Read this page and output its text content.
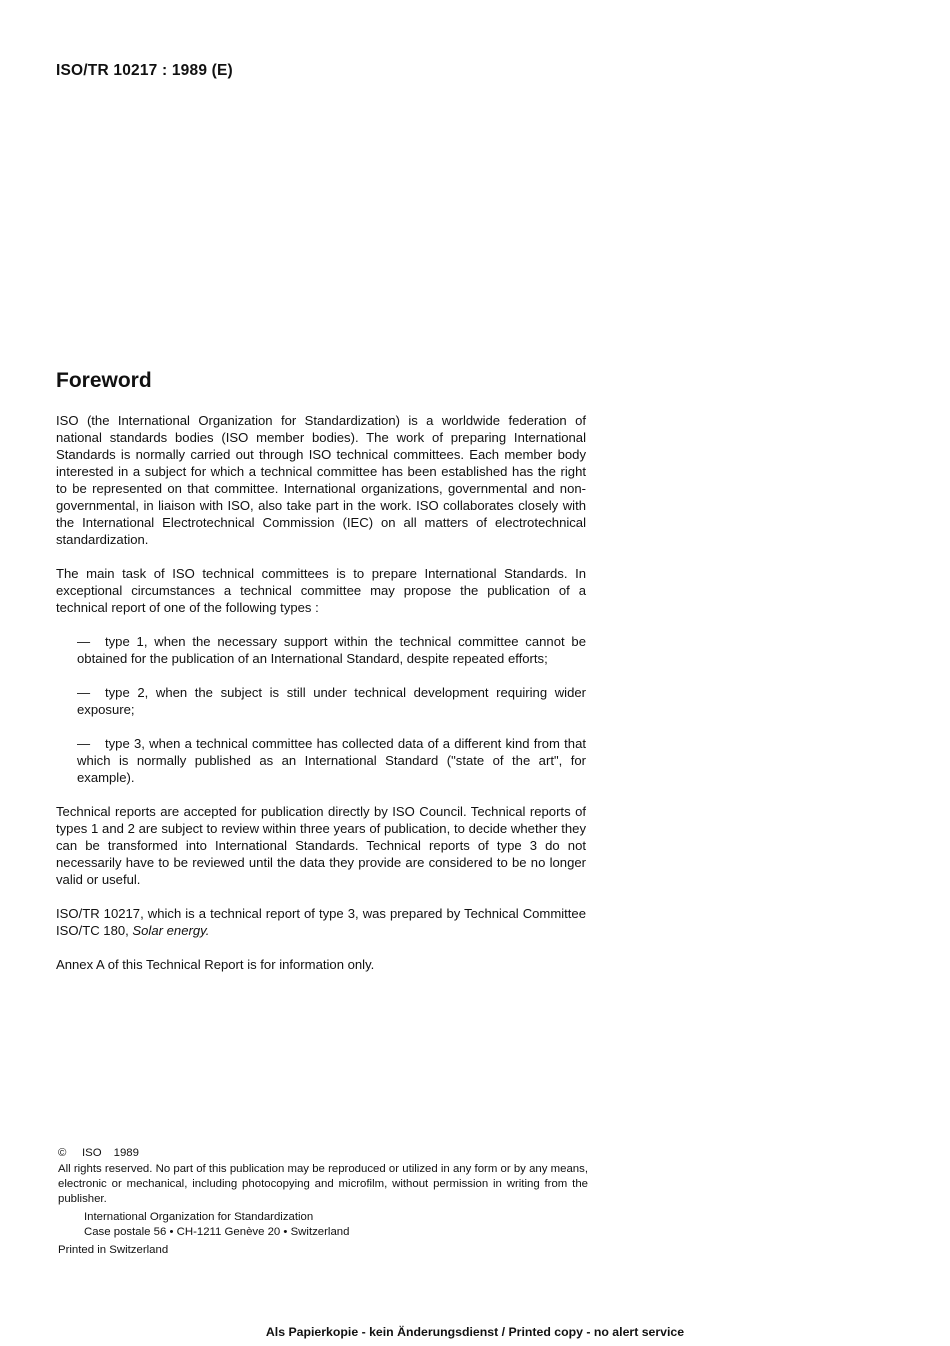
ISO/TR 10217 : 1989 (E)
Foreword

ISO (the International Organization for Standardization) is a worldwide federation of national standards bodies (ISO member bodies). The work of preparing International Standards is normally carried out through ISO technical committees. Each member body interested in a subject for which a technical committee has been established has the right to be represented on that committee. International organizations, governmental and non-governmental, in liaison with ISO, also take part in the work. ISO collaborates closely with the International Electrotechnical Commission (IEC) on all matters of electrotechnical standardization.

The main task of ISO technical committees is to prepare International Standards. In exceptional circumstances a technical committee may propose the publication of a technical report of one of the following types :

— type 1, when the necessary support within the technical committee cannot be obtained for the publication of an International Standard, despite repeated efforts;

— type 2, when the subject is still under technical development requiring wider exposure;

— type 3, when a technical committee has collected data of a different kind from that which is normally published as an International Standard ("state of the art", for example).

Technical reports are accepted for publication directly by ISO Council. Technical reports of types 1 and 2 are subject to review within three years of publication, to decide whether they can be transformed into International Standards. Technical reports of type 3 do not necessarily have to be reviewed until the data they provide are considered to be no longer valid or useful.

ISO/TR 10217, which is a technical report of type 3, was prepared by Technical Committee ISO/TC 180, Solar energy.

Annex A of this Technical Report is for information only.

© ISO 1989

All rights reserved. No part of this publication may be reproduced or utilized in any form or by any means, electronic or mechanical, including photocopying and microfilm, without permission in writing from the publisher.

International Organization for Standardization

Case postale 56 • CH-1211 Genève 20 • Switzerland

Printed in Switzerland

Als Papierkopie - kein Änderungsdienst / Printed copy - no alert service
